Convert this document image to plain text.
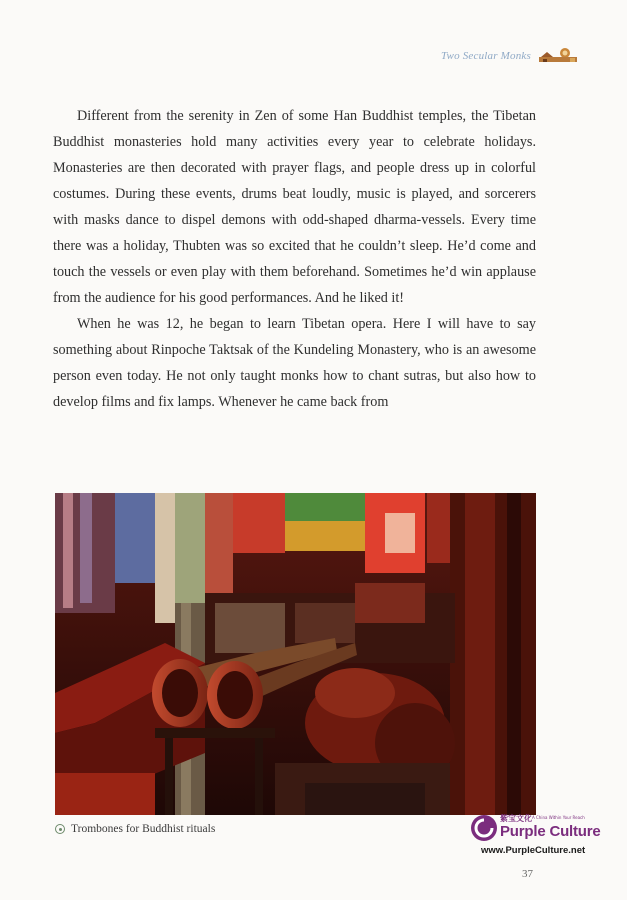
Two Secular Monks

Different from the serenity in Zen of some Han Buddhist temples, the Tibetan Buddhist monasteries hold many activities every year to celebrate holidays. Monasteries are then decorated with prayer flags, and people dress up in colorful costumes. During these events, drums beat loudly, music is played, and sorcerers with masks dance to dispel demons with odd-shaped dharma-vessels. Every time there was a holiday, Thubten was so excited that he couldn’t sleep. He’d come and touch the vessels or even play with them beforehand. Sometimes he’d win applause from the audience for his good performances. And he liked it!

When he was 12, he began to learn Tibetan opera. Here I will have to say something about Rinpoche Taktsak of the Kundeling Monastery, who is an awesome person even today. He not only taught monks how to chant sutras, but also how to develop films and fix lamps. Whenever he came back from

Trombones for Buddhist rituals
紫宝文化 A China Within Your Reach
Purple Culture
www.PurpleCulture.net
37
